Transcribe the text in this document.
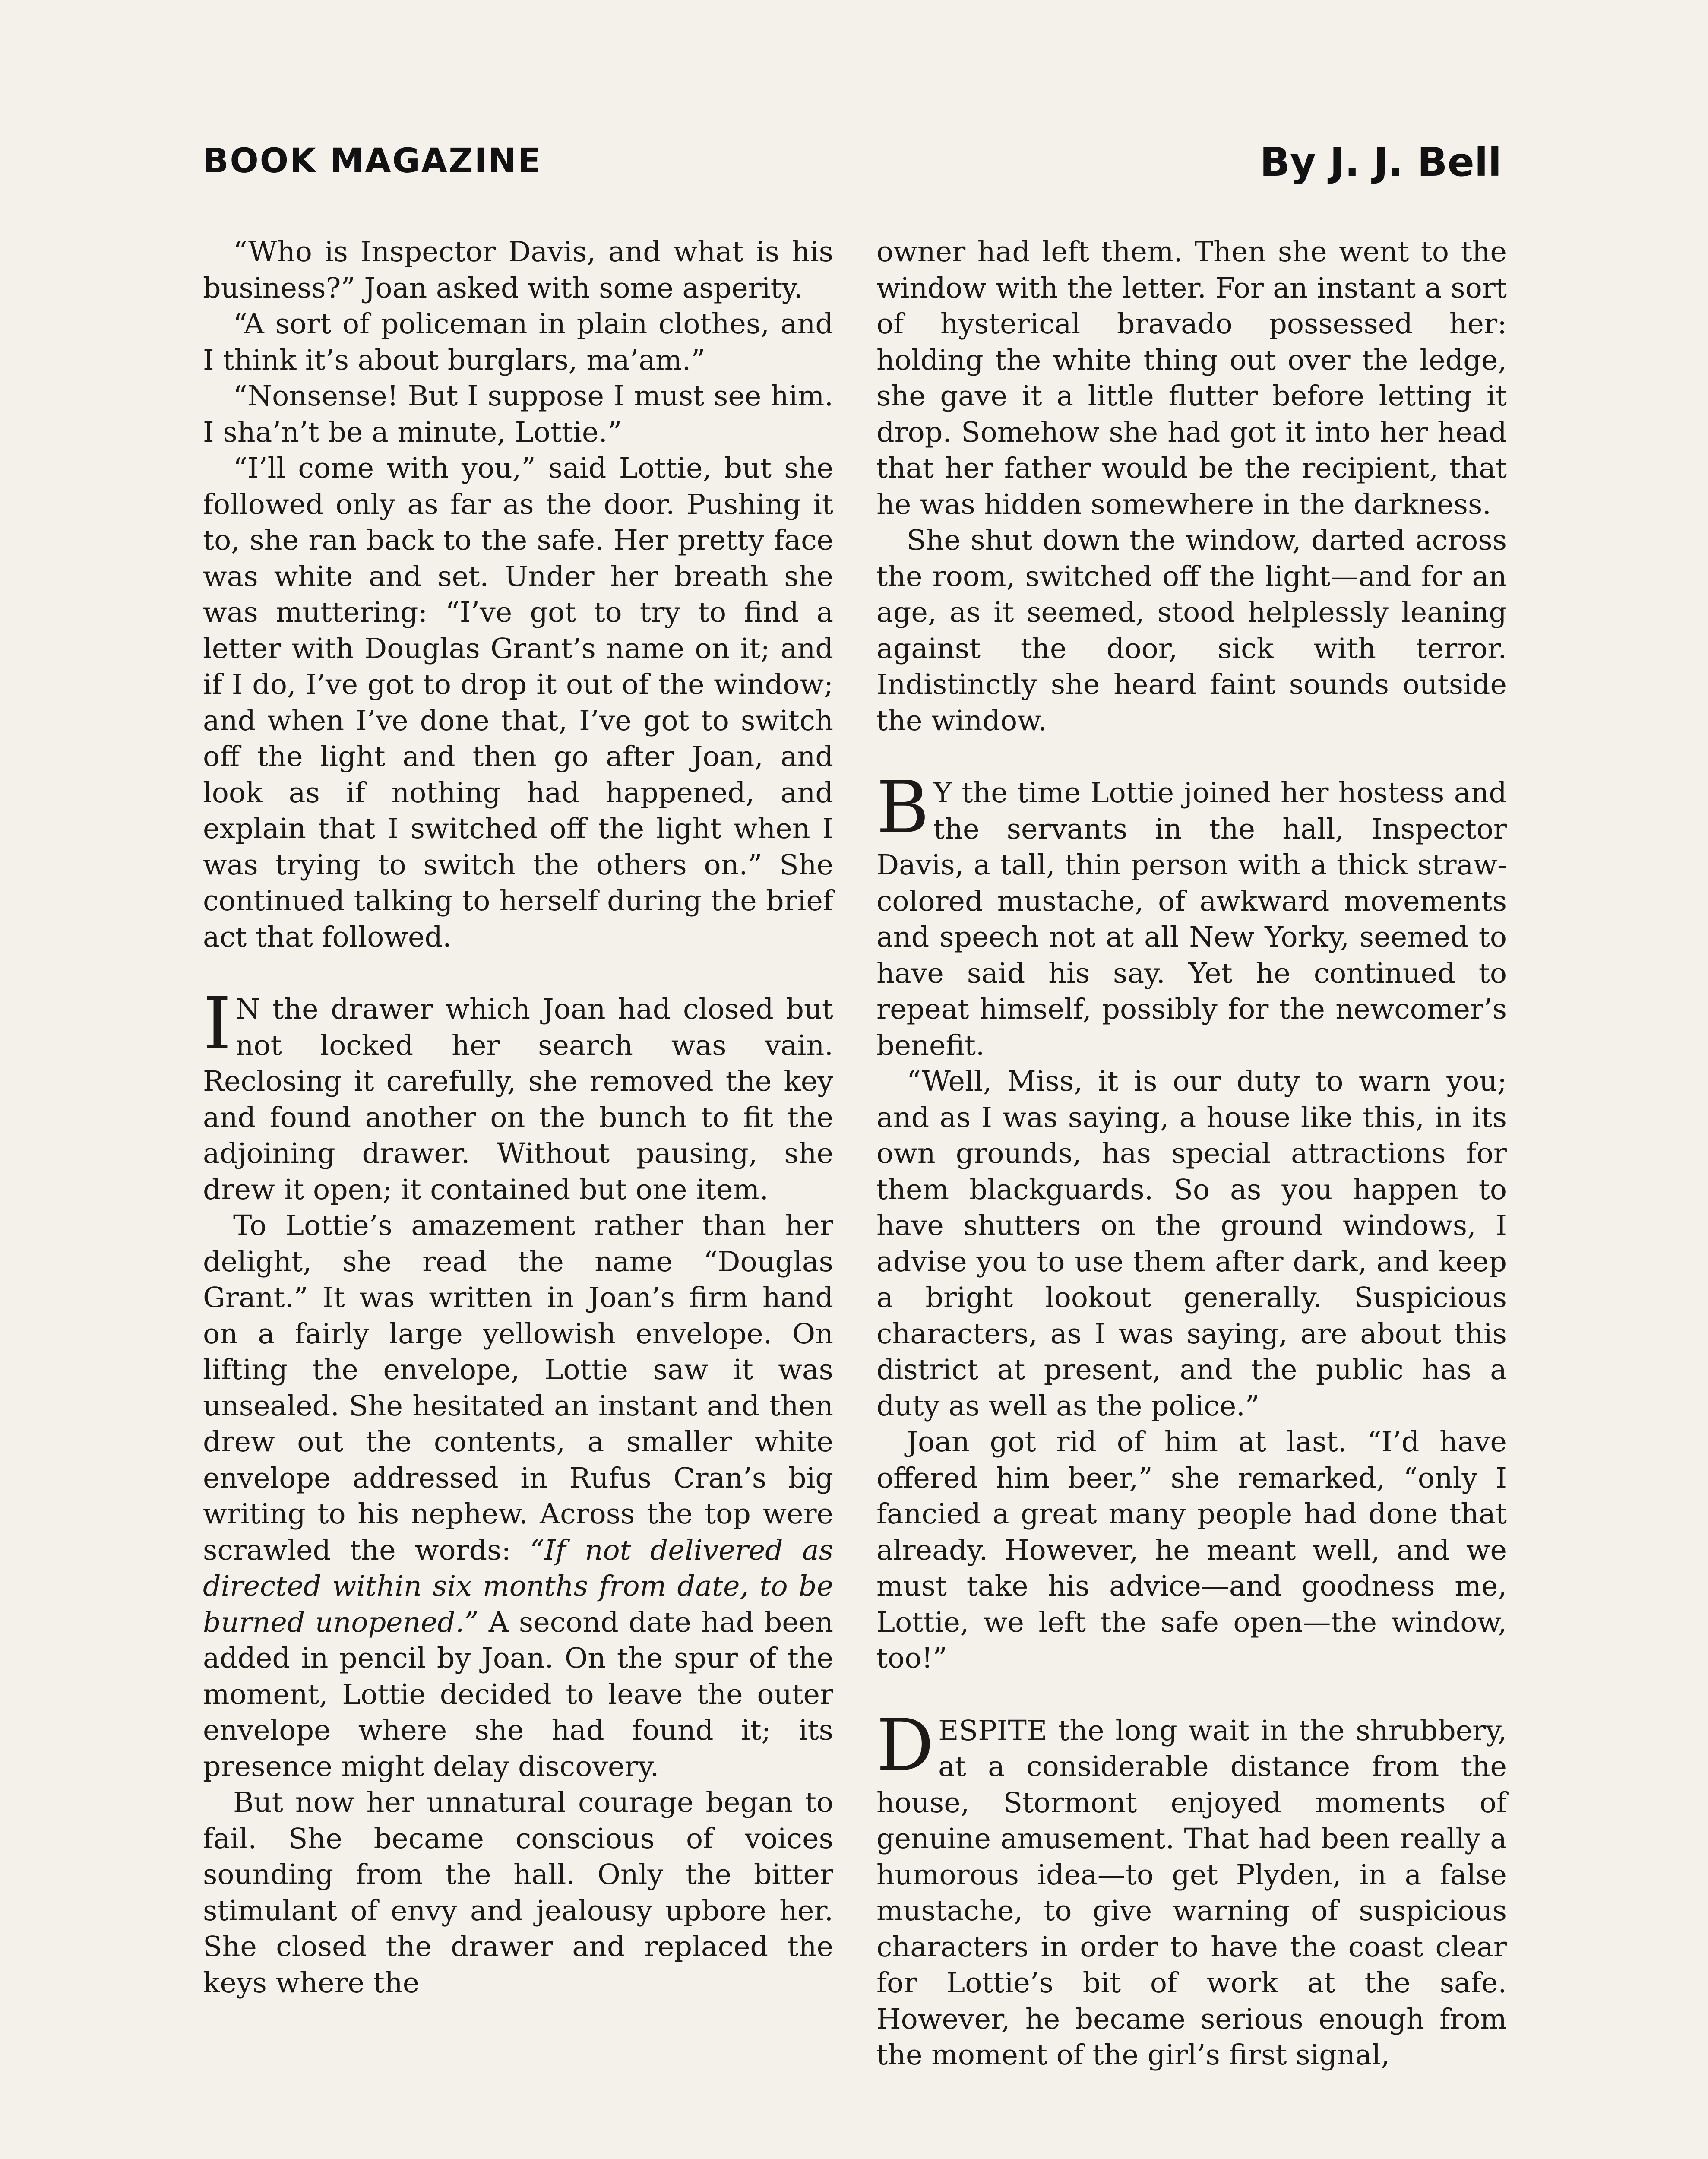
BOOK MAGAZINE	By J. J. Bell

“Who is Inspector Davis, and what is his business?” Joan asked with some asperity.

“A sort of policeman in plain clothes, and I think it’s about burglars, ma’am.”

“Nonsense! But I suppose I must see him. I sha’n’t be a minute, Lottie.”

“I’ll come with you,” said Lottie, but she followed only as far as the door. Pushing it to, she ran back to the safe. Her pretty face was white and set. Under her breath she was muttering: “I’ve got to try to find a letter with Douglas Grant’s name on it; and if I do, I’ve got to drop it out of the window; and when I’ve done that, I’ve got to switch off the light and then go after Joan, and look as if nothing had happened, and explain that I switched off the light when I was trying to switch the others on.” She continued talking to herself during the brief act that followed.

I N the drawer which Joan had closed but not locked her search was vain. Reclosing it carefully, she removed the key and found another on the bunch to fit the adjoining drawer. Without pausing, she drew it open; it contained but one item.

To Lottie’s amazement rather than her delight, she read the name “Douglas Grant.” It was written in Joan’s firm hand on a fairly large yellowish envelope. On lifting the envelope, Lottie saw it was unsealed. She hesitated an instant and then drew out the contents, a smaller white envelope addressed in Rufus Cran’s big writing to his nephew. Across the top were scrawled the words: “If not delivered as directed within six months from date, to be burned unopened.” A second date had been added in pencil by Joan. On the spur of the moment, Lottie decided to leave the outer envelope where she had found it; its presence might delay discovery.

But now her unnatural courage began to fail. She became conscious of voices sounding from the hall. Only the bitter stimulant of envy and jealousy upbore her. She closed the drawer and replaced the keys where the

owner had left them. Then she went to the window with the letter. For an instant a sort of hysterical bravado possessed her: holding the white thing out over the ledge, she gave it a little flutter before letting it drop. Somehow she had got it into her head that her father would be the recipient, that he was hidden somewhere in the darkness.

She shut down the window, darted across the room, switched off the light—and for an age, as it seemed, stood helplessly leaning against the door, sick with terror. Indistinctly she heard faint sounds outside the window.

B Y the time Lottie joined her hostess and the servants in the hall, Inspector Davis, a tall, thin person with a thick straw-colored mustache, of awkward movements and speech not at all New Yorky, seemed to have said his say. Yet he continued to repeat himself, possibly for the newcomer’s benefit.

“Well, Miss, it is our duty to warn you; and as I was saying, a house like this, in its own grounds, has special attractions for them blackguards. So as you happen to have shutters on the ground windows, I advise you to use them after dark, and keep a bright lookout generally. Suspicious characters, as I was saying, are about this district at present, and the public has a duty as well as the police.”

Joan got rid of him at last. “I’d have offered him beer,” she remarked, “only I fancied a great many people had done that already. However, he meant well, and we must take his advice—and goodness me, Lottie, we left the safe open—the window, too!”

DESPITE the long wait in the shrubbery, at a considerable distance from the house, Stormont enjoyed moments of genuine amusement. That had been really a humorous idea—to get Plyden, in a false mustache, to give warning of suspicious characters in order to have the coast clear for Lottie’s bit of work at the safe. However, he became serious enough from the moment of the girl’s first signal,
